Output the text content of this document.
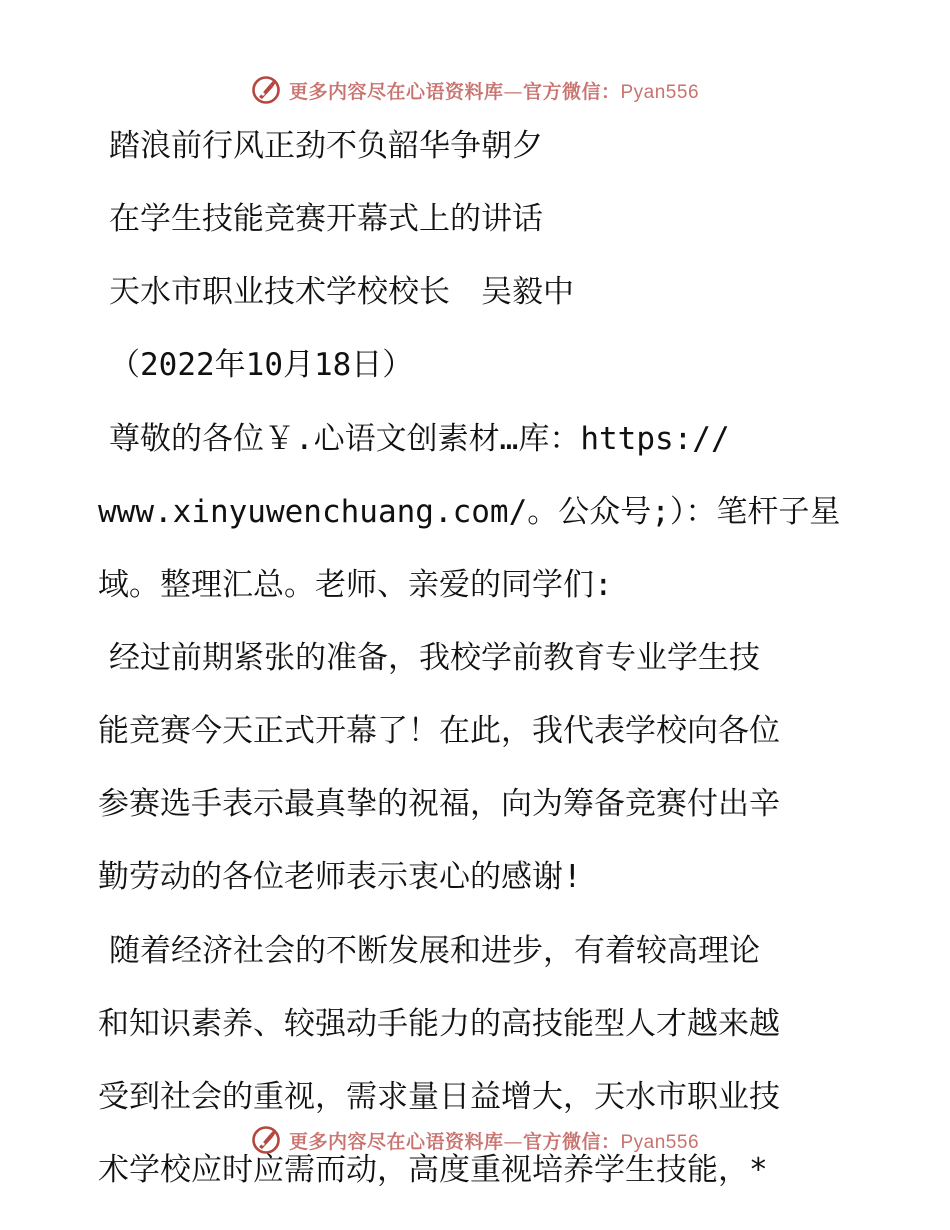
更多内容尽在心语资料库—官方微信：Pyan556
踏浪前行风正劲不负韶华争朝夕
在学生技能竞赛开幕式上的讲话
天水市职业技术学校校长　吴毅中
（2022年10月18日）
尊敬的各位￥.心语文创素材…库：https://
www.xinyuwenchuang.com/。公众号;）：笔杆子星
域。整理汇总。老师、亲爱的同学们:
经过前期紧张的准备，我校学前教育专业学生技
能竞赛今天正式开幕了！在此，我代表学校向各位
参赛选手表示最真挚的祝福，向为筹备竞赛付出辛
勤劳动的各位老师表示衷心的感谢!
随着经济社会的不断发展和进步，有着较高理论
和知识素养、较强动手能力的高技能型人才越来越
受到社会的重视，需求量日益增大，天水市职业技
术学校应时应需而动，高度重视培养学生技能，*
更多内容尽在心语资料库—官方微信：Pyan556
